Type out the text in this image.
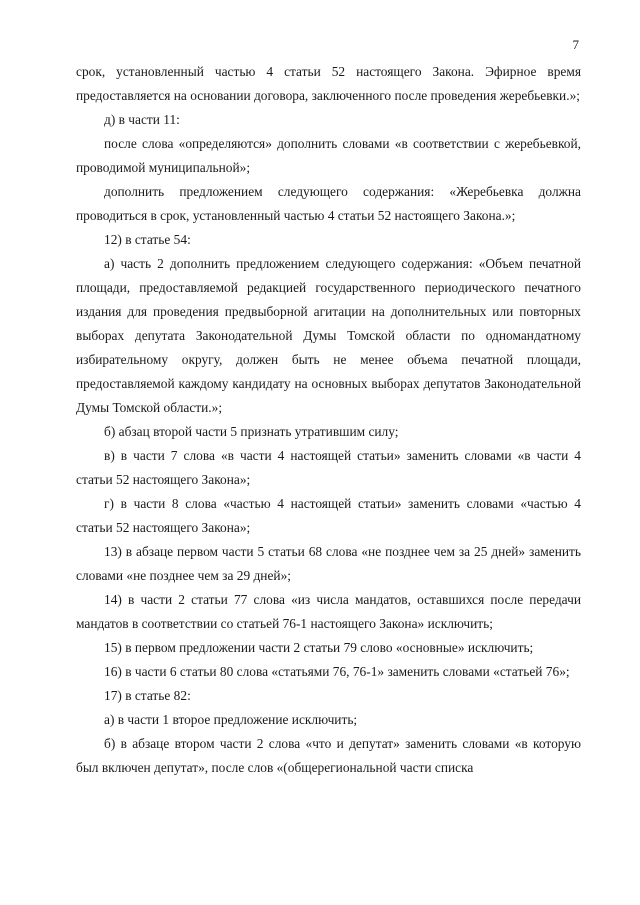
7

срок, установленный частью 4 статьи 52 настоящего Закона. Эфирное время предоставляется на основании договора, заключенного после проведения жеребьевки.»;

д) в части 11:

после слова «определяются» дополнить словами «в соответствии с жеребьевкой, проводимой муниципальной»;

дополнить предложением следующего содержания: «Жеребьевка должна проводиться в срок, установленный частью 4 статьи 52 настоящего Закона.»;

12) в статье 54:

а) часть 2 дополнить предложением следующего содержания: «Объем печатной площади, предоставляемой редакцией государственного периодического печатного издания для проведения предвыборной агитации на дополнительных или повторных выборах депутата Законодательной Думы Томской области по одномандатному избирательному округу, должен быть не менее объема печатной площади, предоставляемой каждому кандидату на основных выборах депутатов Законодательной Думы Томской области.»;

б) абзац второй части 5 признать утратившим силу;

в) в части 7 слова «в части 4 настоящей статьи» заменить словами «в части 4 статьи 52 настоящего Закона»;

г) в части 8 слова «частью 4 настоящей статьи» заменить словами «частью 4 статьи 52 настоящего Закона»;

13) в абзаце первом части 5 статьи 68 слова «не позднее чем за 25 дней» заменить словами «не позднее чем за 29 дней»;

14) в части 2 статьи 77 слова «из числа мандатов, оставшихся после передачи мандатов в соответствии со статьей 76-1 настоящего Закона» исключить;

15) в первом предложении части 2 статьи 79 слово «основные» исключить;

16) в части 6 статьи 80 слова «статьями 76, 76-1» заменить словами «статьей 76»;

17) в статье 82:

а) в части 1 второе предложение исключить;

б) в абзаце втором части 2 слова «что и депутат» заменить словами «в которую был включен депутат», после слов «(общерегиональной части списка
